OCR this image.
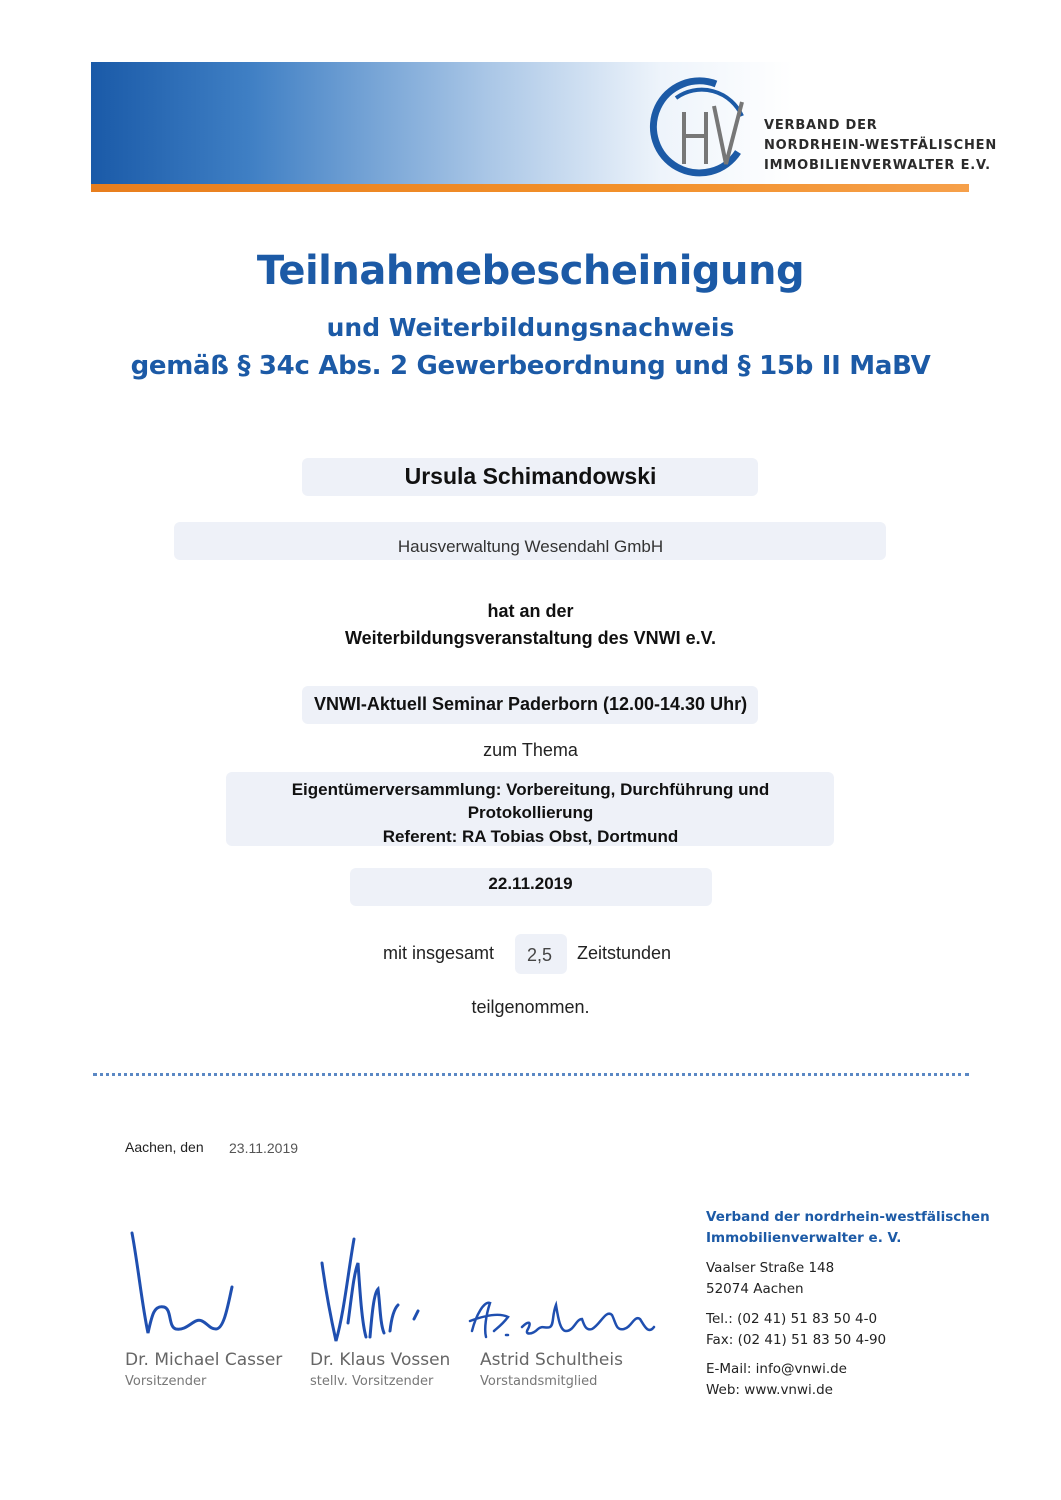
VERBAND DER
NORDRHEIN-WESTFÄLISCHEN
IMMOBILIENVERWALTER E.V.
Teilnahmebescheinigung
und Weiterbildungsnachweis
gemäß § 34c Abs. 2 Gewerbeordnung und § 15b II MaBV
Ursula Schimandowski
Hausverwaltung Wesendahl GmbH
hat an der
Weiterbildungsveranstaltung des VNWI e.V.
VNWI-Aktuell Seminar Paderborn (12.00-14.30 Uhr)
zum Thema
Eigentümerversammlung: Vorbereitung, Durchführung und
Protokollierung
Referent: RA Tobias Obst, Dortmund
22.11.2019
mit insgesamt 2,5 Zeitstunden
teilgenommen.
Aachen, den 23.11.2019
Dr. Michael Casser
Vorsitzender
Dr. Klaus Vossen
stellv. Vorsitzender
Astrid Schultheis
Vorstandsmitglied
Verband der nordrhein-westfälischen
Immobilienverwalter e. V.
Vaalser Straße 148
52074 Aachen
Tel.: (02 41) 51 83 50 4-0
Fax: (02 41) 51 83 50 4-90
E-Mail: info@vnwi.de
Web: www.vnwi.de
